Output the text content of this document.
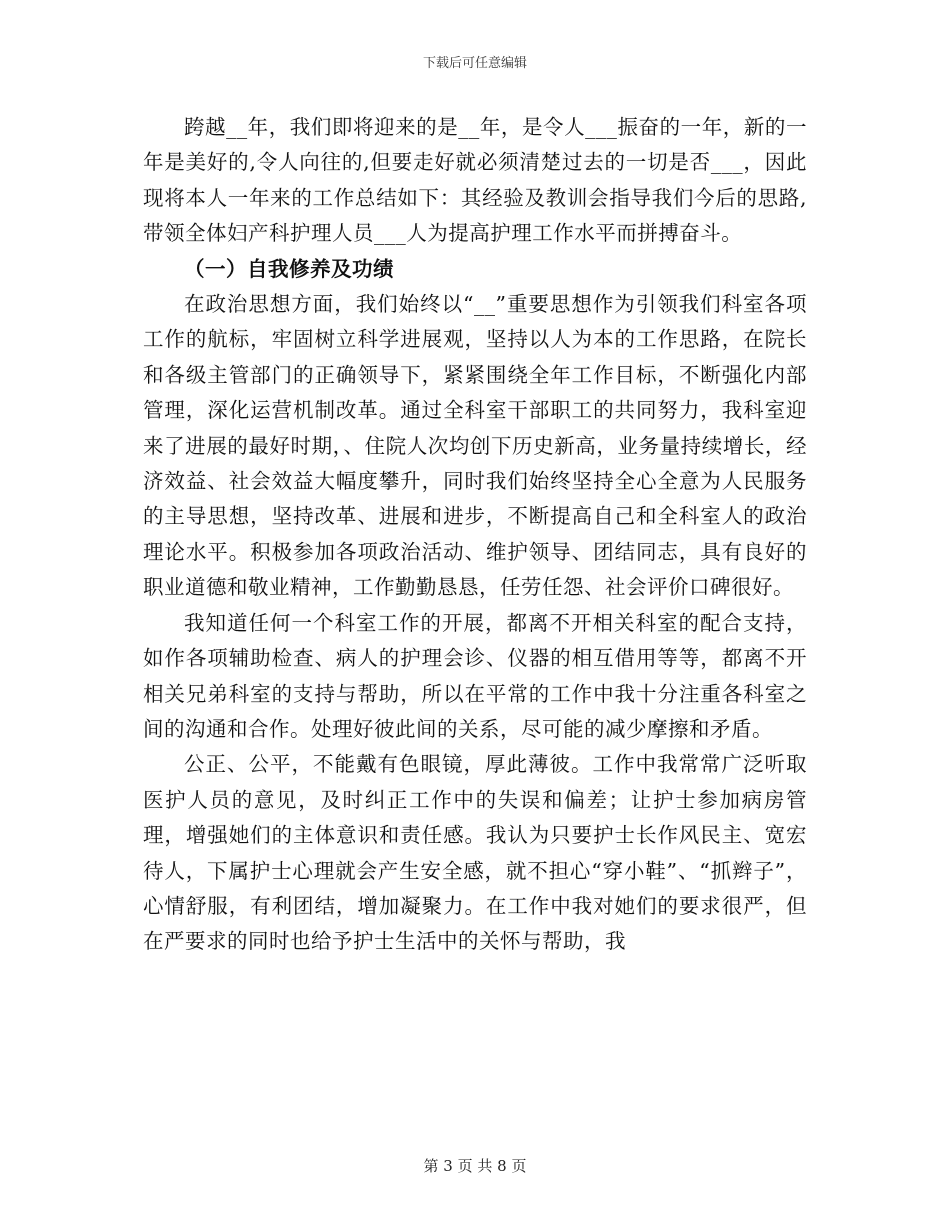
下载后可任意编辑

跨越__年，我们即将迎来的是__年，是令人___振奋的一年，新的一年是美好的,令人向往的,但要走好就必须清楚过去的一切是否___，因此现将本人一年来的工作总结如下：其经验及教训会指导我们今后的思路,带领全体妇产科护理人员___人为提高护理工作水平而拼搏奋斗。

（一）自我修养及功绩

在政治思想方面，我们始终以“__”重要思想作为引领我们科室各项工作的航标，牢固树立科学进展观，坚持以人为本的工作思路，在院长和各级主管部门的正确领导下，紧紧围绕全年工作目标，不断强化内部管理，深化运营机制改革。通过全科室干部职工的共同努力，我科室迎来了进展的最好时期，、住院人次均创下历史新高，业务量持续增长，经济效益、社会效益大幅度攀升，同时我们始终坚持全心全意为人民服务的主导思想，坚持改革、进展和进步，不断提高自己和全科室人的政治理论水平。积极参加各项政治活动、维护领导、团结同志，具有良好的职业道德和敬业精神，工作勤勤恳恳，任劳任怨、社会评价口碑很好。

我知道任何一个科室工作的开展，都离不开相关科室的配合支持，如作各项辅助检查、病人的护理会诊、仪器的相互借用等等，都离不开相关兄弟科室的支持与帮助，所以在平常的工作中我十分注重各科室之间的沟通和合作。处理好彼此间的关系，尽可能的减少摩擦和矛盾。

公正、公平，不能戴有色眼镜，厚此薄彼。工作中我常常广泛听取医护人员的意见，及时纠正工作中的失误和偏差；让护士参加病房管理，增强她们的主体意识和责任感。我认为只要护士长作风民主、宽宏待人，下属护士心理就会产生安全感，就不担心“穿小鞋”、“抓辫子”，心情舒服，有利团结，增加凝聚力。在工作中我对她们的要求很严，但在严要求的同时也给予护士生活中的关怀与帮助，我

第 3 页 共 8 页
